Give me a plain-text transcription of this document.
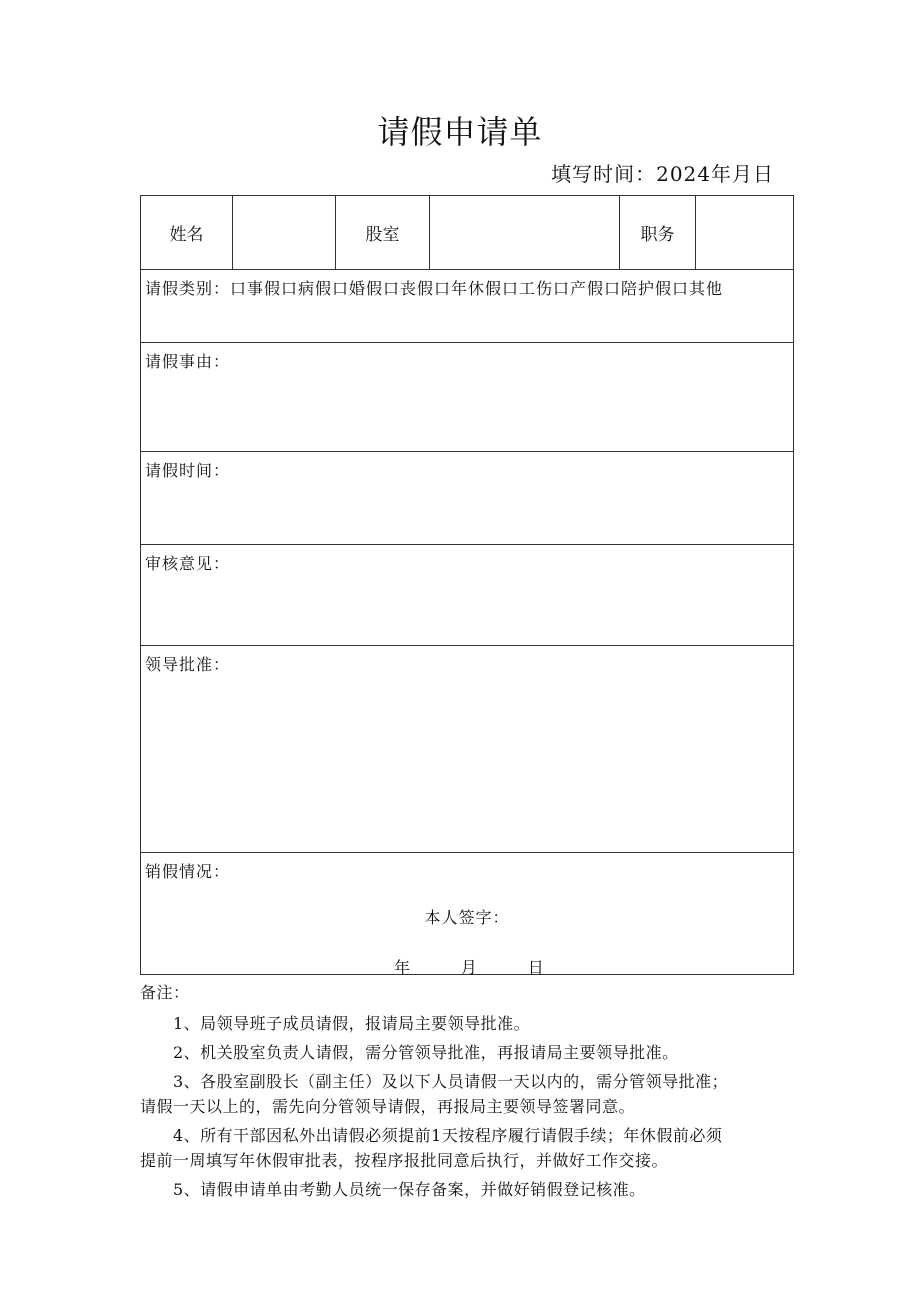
请假申请单
填写时间：2024年月日
姓名	股室	职务
请假类别：口事假口病假口婚假口丧假口年休假口工伤口产假口陪护假口其他
请假事由：
请假时间：
审核意见：
领导批准：
销假情况：
本人签字：
年	月	日

备注：

1、局领导班子成员请假，报请局主要领导批准。

2、机关股室负责人请假，需分管领导批准，再报请局主要领导批准。

3、各股室副股长（副主任）及以下人员请假一天以内的，需分管领导批准；

请假一天以上的，需先向分管领导请假，再报局主要领导签署同意。

4、所有干部因私外出请假必须提前1天按程序履行请假手续；年休假前必须

提前一周填写年休假审批表，按程序报批同意后执行，并做好工作交接。

5、请假申请单由考勤人员统一保存备案，并做好销假登记核准。
